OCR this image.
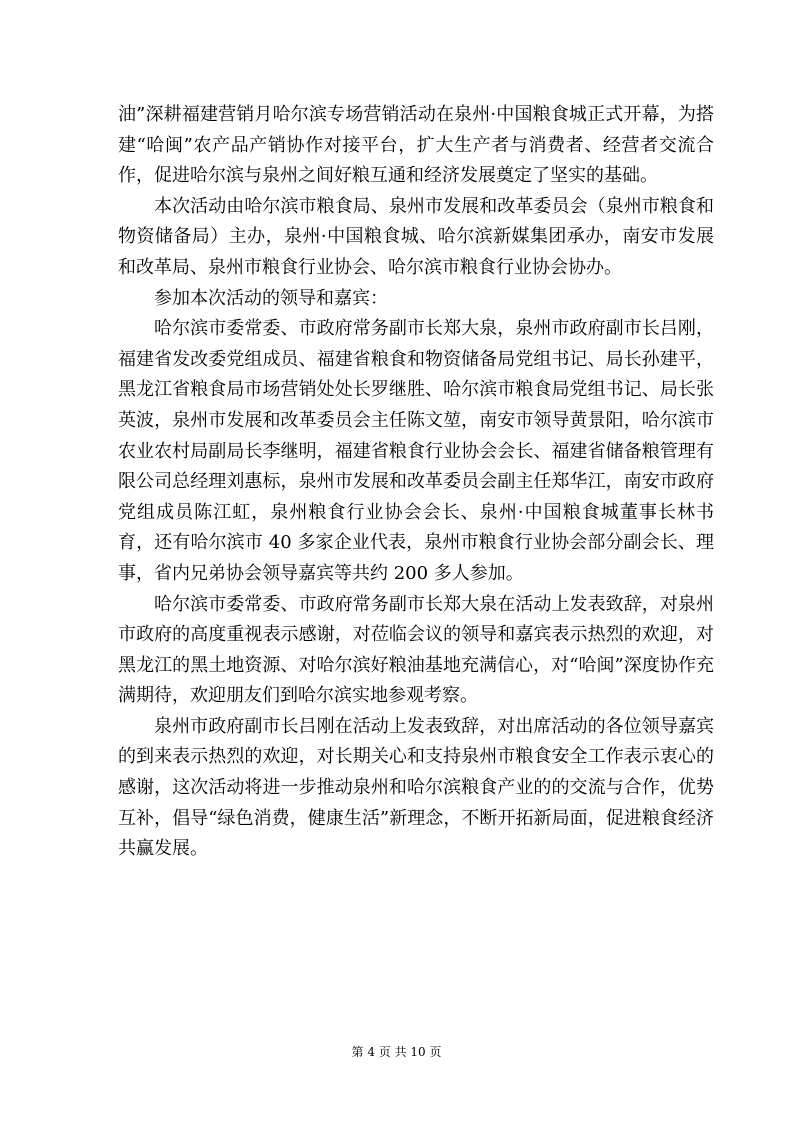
油”深耕福建营销月哈尔滨专场营销活动在泉州·中国粮食城正式开幕，为搭建“哈闽”农产品产销协作对接平台，扩大生产者与消费者、经营者交流合作，促进哈尔滨与泉州之间好粮互通和经济发展奠定了坚实的基础。

本次活动由哈尔滨市粮食局、泉州市发展和改革委员会（泉州市粮食和物资储备局）主办，泉州·中国粮食城、哈尔滨新媒集团承办，南安市发展和改革局、泉州市粮食行业协会、哈尔滨市粮食行业协会协办。

参加本次活动的领导和嘉宾：

哈尔滨市委常委、市政府常务副市长郑大泉，泉州市政府副市长吕刚，福建省发改委党组成员、福建省粮食和物资储备局党组书记、局长孙建平，黑龙江省粮食局市场营销处处长罗继胜、哈尔滨市粮食局党组书记、局长张英波，泉州市发展和改革委员会主任陈文堃，南安市领导黄景阳，哈尔滨市农业农村局副局长李继明，福建省粮食行业协会会长、福建省储备粮管理有限公司总经理刘惠标，泉州市发展和改革委员会副主任郑华江，南安市政府党组成员陈江虹，泉州粮食行业协会会长、泉州·中国粮食城董事长林书育，还有哈尔滨市 40 多家企业代表，泉州市粮食行业协会部分副会长、理事，省内兄弟协会领导嘉宾等共约 200 多人参加。

哈尔滨市委常委、市政府常务副市长郑大泉在活动上发表致辞，对泉州市政府的高度重视表示感谢，对莅临会议的领导和嘉宾表示热烈的欢迎，对黑龙江的黑土地资源、对哈尔滨好粮油基地充满信心，对“哈闽”深度协作充满期待，欢迎朋友们到哈尔滨实地参观考察。

泉州市政府副市长吕刚在活动上发表致辞，对出席活动的各位领导嘉宾的到来表示热烈的欢迎，对长期关心和支持泉州市粮食安全工作表示衷心的感谢，这次活动将进一步推动泉州和哈尔滨粮食产业的的交流与合作，优势互补，倡导“绿色消费，健康生活”新理念，不断开拓新局面，促进粮食经济共赢发展。

第 4 页 共 10 页
